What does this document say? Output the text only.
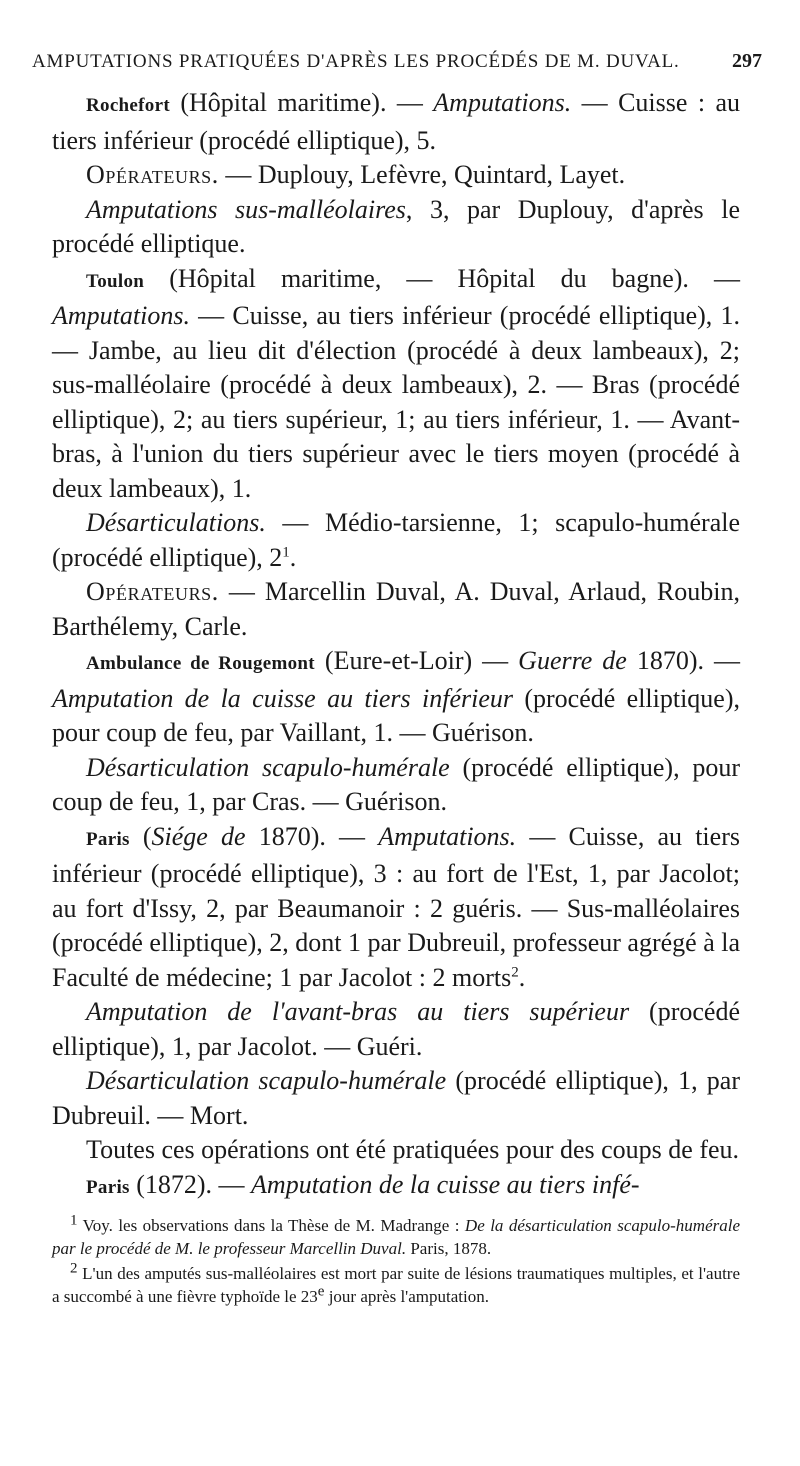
AMPUTATIONS PRATIQUÉES D'APRÈS LES PROCÉDÉS DE M. DUVAL.	297

Rochefort (Hôpital maritime). — Amputations. — Cuisse : au tiers inférieur (procédé elliptique), 5.

Opérateurs. — Duplouy, Lefèvre, Quintard, Layet.

Amputations sus-malléolaires, 3, par Duplouy, d'après le procédé elliptique.

Toulon (Hôpital maritime, — Hôpital du bagne). — Amputations. — Cuisse, au tiers inférieur (procédé elliptique), 1. — Jambe, au lieu dit d'élection (procédé à deux lambeaux), 2; sus-malléolaire (procédé à deux lambeaux), 2. — Bras (procédé elliptique), 2; au tiers supérieur, 1; au tiers inférieur, 1. — Avant-bras, à l'union du tiers supérieur avec le tiers moyen (procédé à deux lambeaux), 1.

Désarticulations. — Médio-tarsienne, 1; scapulo-humérale (procédé elliptique), $2^1$.

Opérateurs. — Marcellin Duval, A. Duval, Arlaud, Roubin, Barthélemy, Carle.

Ambulance de Rougemont (Eure-et-Loir) — Guerre de 1870). — Amputation de la cuisse au tiers inférieur (procédé elliptique), pour coup de feu, par Vaillant, 1. — Guérison.

Désarticulation scapulo-humérale (procédé elliptique), pour coup de feu, 1, par Cras. — Guérison.

Paris (Siége de 1870). — Amputations. — Cuisse, au tiers inférieur (procédé elliptique), 3 : au fort de l'Est, 1, par Jacolot; au fort d'Issy, 2, par Beaumanoir : 2 guéris. — Sus-malléolaires (procédé elliptique), 2, dont 1 par Dubreuil, professeur agrégé à la Faculté de médecine; 1 par Jacolot : 2 morts$^2$.

Amputation de l'avant-bras au tiers supérieur (procédé elliptique), 1, par Jacolot. — Guéri.

Désarticulation scapulo-humérale (procédé elliptique), 1, par Dubreuil. — Mort.

Toutes ces opérations ont été pratiquées pour des coups de feu.

Paris (1872). — Amputation de la cuisse au tiers infé-

$^1$ Voy. les observations dans la Thèse de M. Madrange : De la désarticulation scapulo-humérale par le procédé de M. le professeur Marcellin Duval. Paris, 1878.

$^2$ L'un des amputés sus-malléolaires est mort par suite de lésions traumatiques multiples, et l'autre a succombé à une fièvre typhoïde le 23e jour après l'amputation.
